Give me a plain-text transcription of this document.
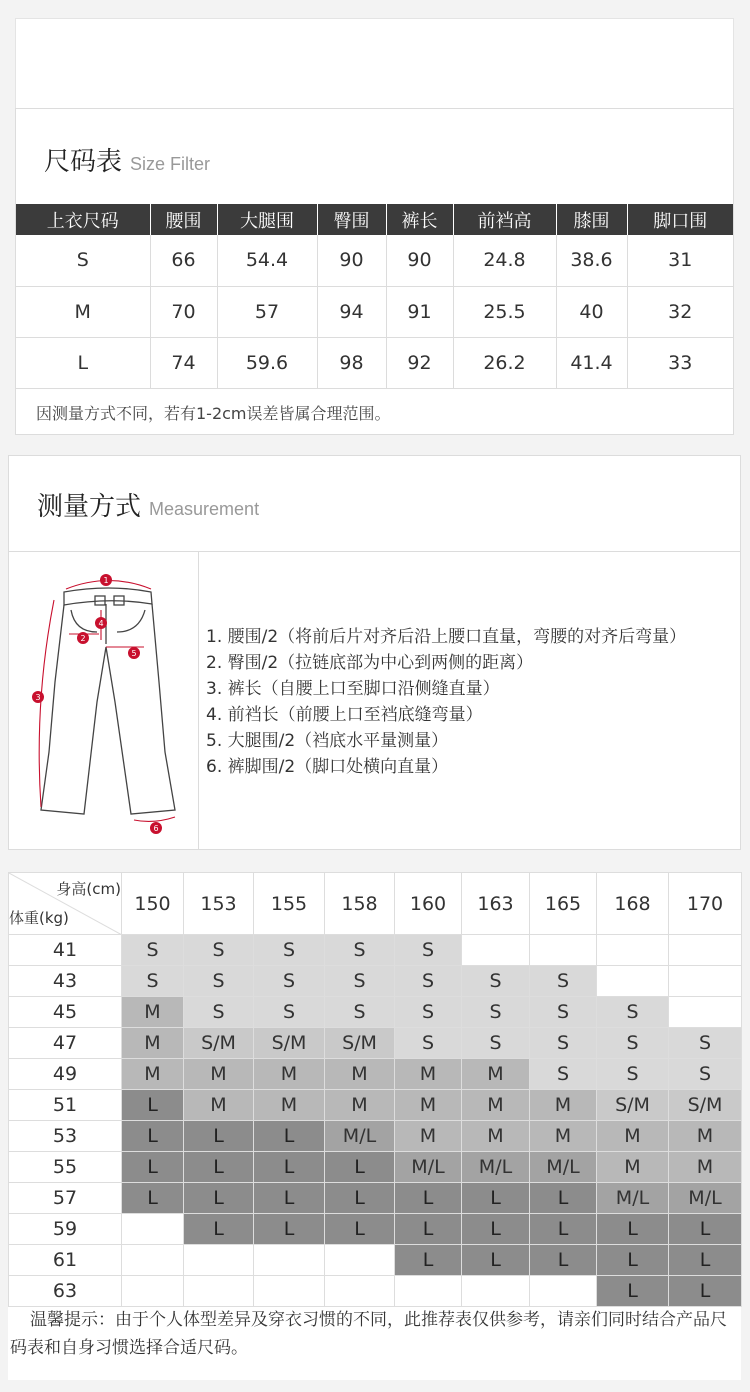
尺码表 Size Filter
上衣尺码	腰围	大腿围	臀围	裤长	前裆高	膝围	脚口围
S	66	54.4	90	90	24.8	38.6	31
M	70	57	94	91	25.5	40	32
L	74	59.6	98	92	26.2	41.4	33
因测量方式不同，若有1-2cm误差皆属合理范围。
测量方式 Measurement
1
2
3
4
5
6
1. 腰围/2（将前后片对齐后沿上腰口直量，弯腰的对齐后弯量）
2. 臀围/2（拉链底部为中心到两侧的距离）
3. 裤长（自腰上口至脚口沿侧缝直量）
4. 前裆长（前腰上口至裆底缝弯量）
5. 大腿围/2（裆底水平量测量）
6. 裤脚围/2（脚口处横向直量）
身高(cm)
体重(kg)	150	153	155	158	160	163	165	168	170
41	S	S	S	S	S				
43	S	S	S	S	S	S	S		
45	M	S	S	S	S	S	S	S	
47	M	S/M	S/M	S/M	S	S	S	S	S
49	M	M	M	M	M	M	S	S	S
51	L	M	M	M	M	M	M	S/M	S/M
53	L	L	L	M/L	M	M	M	M	M
55	L	L	L	L	M/L	M/L	M/L	M	M
57	L	L	L	L	L	L	L	M/L	M/L
59		L	L	L	L	L	L	L	L
61					L	L	L	L	L
63								L	L
温馨提示：由于个人体型差异及穿衣习惯的不同，此推荐表仅供参考，请亲们同时结合产品尺码表和自身习惯选择合适尺码。
